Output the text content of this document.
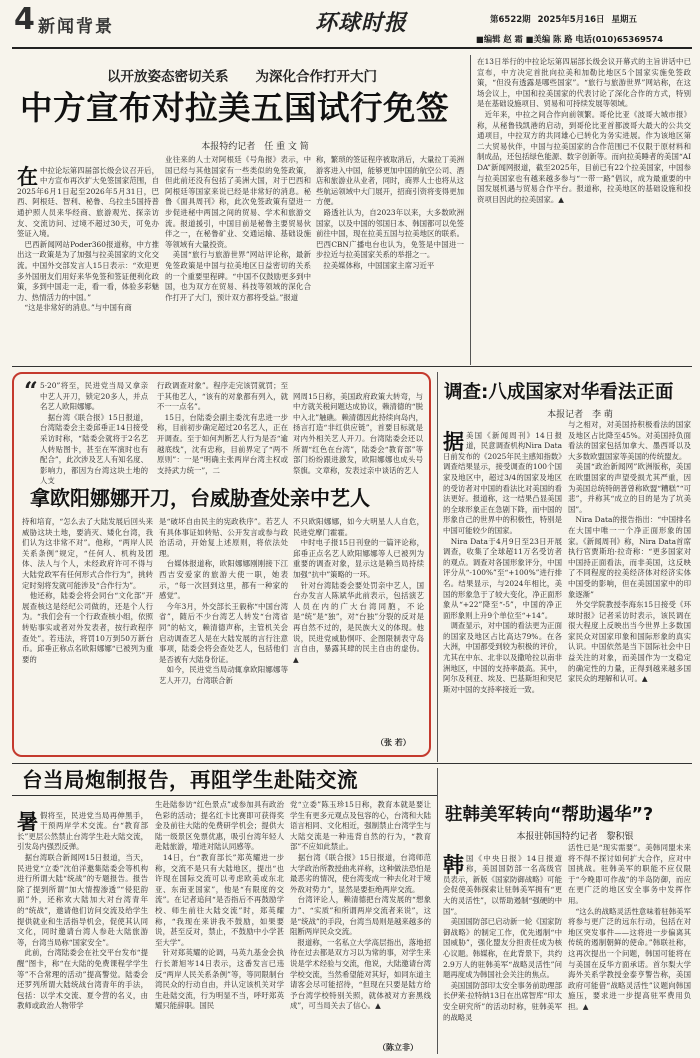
4 新闻背景	环球时报	第6522期 2025年5月16日 星期五
■编辑 赵 霜 ■美编 陈 路 电话(010)65369574
以开放姿态密切关系　　为深化合作打开大门
中方宣布对拉美五国试行免签
本报特约记者　任 重 文 简

在中拉论坛第四届部长级会议召开后，中方宣布再次扩大免签国家范围，自2025年6月1日起至2026年5月31日，巴西、阿根廷、智利、秘鲁、乌拉圭5国持普通护照人员来华经商、旅游观光、探亲访友、交流访问、过境不超过30天，可免办签证入境。
　巴西新闻网站Poder360报道称，中方推出这一政策是为了加强与拉美国家的文化交流。中国外交部发言人15日表示：“欢迎更多外国朋友们用好来华免签和签证便利化政策，多到中国走一走，看一看，体验多彩魅力、热情活力的中国。”
　“这是非常好的消息。”与中国有商

业往来的人士对阿根廷《号角报》表示，中国已经与其他国家有一些类似的免签政策，但此前还没有包括了美洲大国，对于巴西和阿根廷等国家来说已经是非常好的消息。秘鲁《面具周刊》称，此次免签政策有望进一步促进秘中两国之间的贸易、学术和旅游交流。报道援引，中国目前是秘鲁主要贸易伙伴之一，在秘鲁矿业、交通运输、基础设施等领域有大量投资。
　美国“旅行与旅游世界”网站评论称，最新免签政策是中国与拉美地区日益密切的关系的一个重要里程碑。“中国不仅鼓励更多到中国，也为双方在贸易、科技等领域的深化合作打开了大门，预计双方都将受益。”报道
称，繁琐的签证程序被取消后，大量拉丁美洲游客进入中国，能够更加中国的航空公司、酒店和旅游业从业者，同时，商界人士也将从这些航运领域中大门展开，招商引资将变得更加方便。
　路透社认为，自2023年以来，大多数欧洲国家，以及中国的邻国日本、韩国都可以免签前往中国，现在拉美五国与拉美地区的联系。巴西CBN广播电台也认为，免签是中国进一步拉近与拉美国家关系的举措之一。
　拉美媒体称，中国国家主席习近平
在13日举行的中拉论坛第四届部长级会议开幕式的主旨讲话中已宣布，中方决定首批向拉美和加勒比地区5个国家实施免签政策，“但没有透露是哪些国家”。“旅行与旅游世界”网站称，在这场会议上，中国和拉美国家的代表讨论了深化合作的方式，特别是在基础设施项目、贸易和可持续发展等领域。
　近年来，中拉之间合作向前领繁。哥伦比亚《波哥大城市报》称，从秘鲁钱凯港的启动，到哥伦比亚首都波哥大最大的公共交通项目，中拉双方的共同雄心已转化为务实进展。作为该地区第二大贸易伙伴，中国与拉美国家的合作范围已不仅限于原材料和制成品，还包括绿色能源、数字创新等。而向拉美睡者的美国“AI DA”新闻网报道，截至2025年，目前已有22个拉美国家，中国参与拉美国家也有越来越多参与“一带一路”倡议，成为最重要的中国发展机遇与贸易合作平台。报道称，拉美地区的基础设施和投资项目因此的拉美国家。▲
“ 5·20”将至，民进党当局又拿亲中艺人开刀，锁定20多人，并点名艺人欧阳娜娜。
　据台湾《联合报》15日报道，台湾陆委会主委邱垂正14日接受采访时称，“陆委会就将于2名艺人转贴图卡，甚至在军演时也有配合”，此次涉及艺人有知名度、影响力，都因为台湾这块土地的人支
行政调查对象”。程序走完该罚就罚；至于其他艺人，“该有的对象都有列入，就不一一点名”。
　15日，台陆委会副主委沈有忠进一步称，目前初步确定超过20名艺人，正在开调查。至于如何判断艺人行为是否“逾越底线”，沈有忠称，目前界定了“两不原则”：一是“明确主张两岸台湾主权或支持武力统一”，二

网周15日称，美国政府政策大转弯，与中方就关税问题达成协议，赖清德的“脱中入北”触礁。赖清德因此持续向岛内，扬言打造“非红供应链”，首要目标就是对内外相关艺人开刀。台湾陆委会还以所谓“红色在台湾”，陆委会“教育部”等部门纷纷跟进激发，欧阳娜娜也成头号祭旗。文章称，发表过亲中谈话的艺人

拿欧阳娜娜开刀，台威胁查处亲中艺人
持和培育，“怎么去了大陆发展后回头来威胁这块土地，要消灭、矮化台湾，我们认为这非常不对”。他称，“两岸人民关系条例”规定，“任何人、机构及团体、法人与个人，未经政府许可不得与大陆党政军有任何形式合作行为”，挑转定时刻将发就可能涉及“合作行为”。
　他还称，陆委会将会同台“文化部”开展查核这是经纪公司做的，还是个人行为。“我们会有一个行政查核小组，依照转贴事实或者对外发表者，按行政程序查处”。若违法，将罚10万到50万新台币。邱垂正称点名欧阳娜娜“已被列为重要的
是“破坏自由民主的宪政秩序”。若艺人有具体事证如转贴、公开发言或参与政治活动，开始复上述原则，将依法处理。
　台媒体报道称，欧阳娜娜刚刚接下江西吉安爱家的旅游大使一职，她表示，“每一次回到这里，都有一种家的感觉”。
　今年3月，外交部长王毅称“中国台湾省”，随后不少台湾艺人转发“台湾省同”的帖文，赖清德声称，主管机关会启动调查艺人是在大陆发展的言行注意事项，陆委会将会查处艺人，包括他们是否被有大陆身份证。
　如今，民进党当局动辄拿欧阳娜娜等艺人开刀，台湾联合新
不只欧阳娜娜，如今大明星人人自危，民进党摩门霍霍。
　中时电子报15日刊登的一篇评论称，邱垂正点名艺人欧阳娜娜等人已被列为重要的调查对象，显示这是赖当局持续加强“抗中”策略的一环。
　针对台湾陆委会要处罚亲中艺人，国台办发言人陈斌华此前表示，包括演艺人员在内的广大台湾同胞，不论是“统”是“独”，对“台独”分裂的反对是再自然不过的，是民族大义的体现。他说，民进党威胁恫吓、企图限制表守岛言自由，暴露其肆的民主自由的虚伪。▲
（张 若）
调查:八成国家对华看法正面
本报记者　李 萌

据美国《新闻周刊》14日报道，民意调查机构Nira Data日前发布的《2025年民主感知指数》调查结果显示，接受调查的100个国家及地区中，超过3/4的国家及地区的受访者对中国的看法比对美国的看法更好。报道称，这一结果凸显美国的全球形象正在急剧下降，而中国的形象自己的世界中的积极性，特别是中国可能较少的国家。
　Nira Data于4月9日至23日开展调查，收集了全球超11万名受访者的观点。调查对各国形象评分，中国评分从“-100%”至“+100%”进行排名。结果显示，与2024年相比，美国的形象急于了较大变化，净正面形象从“+22”降至“-5”，中国的净正面形象则上升9个单位至“+14”。
　调查显示，对中国的看法更为正面的国家及地区占比高达79%。在各大洲，中国都受到较为积极的评价，尤其在中东、北非以及撒哈拉以南非洲地区，中国的支持率最高。其中，阿尔及利亚、埃及、巴基斯坦和突尼斯对中国的支持率接近一致。

与之相对，对美国持积极看法的国家及地区占比降至45%。对美国持负面看法的国家包括加拿大、墨西哥以及大多数欧盟国家等美国的传统盟友。
　美国“政治新闻网”欧洲版称，美国在欧盟国家的声望受损尤其严重，因为美国总统特朗普曾称欧盟“糟糕”“可悲”，并称其“成立的目的是为了坑美国”。
　Nira Data的报告指出：“中国排名在大国中唯一一个净正面形象的国家。《新闻周刊》称，Nira Data首席执行官贾斯珀·拉奇称：“更多国家对中国持正面看法，而非美国，这反映了不同程度的拉美经济体对经济实体中国受的影响，但在美国国家中的印象逐渐”
　外交学院教授李海东15日接受《环球时报》记者采访时表示，该民调在很大程度上反映出当今世界上多数国家民众对国家印象和国际形象的真实认识。中国依然是当下国际社会中日益关注的对象，而美国作为一支稳定的确定性的力量，正得到越来越多国家民众的理解和认可。▲
台当局炮制报告，再阻学生赴陆交流

暑假将至，民进党当局再伸黑手，干预两岸学术交流。台“教育部长”更层公然禁止台湾学生赴大陆交流，引发岛内强烈反弹。
　据台湾联合新闻网15日报道，当天，民进党“立委”沈伯洋邀集陆委会等机构进行所谓大陆“统战”的专题报告。报告除了提到所谓“加大情搜渗透”“侵犯韵面”外，还称欢大陆加大对台湾青年的“统战”，邀请他们访问交流及给学生提供就业和生活指导机会，促使其认同文化，同时邀请台湾人参赴大陆旅游等，台湾当局称“国家安全”。
　此前，台湾陆委会在社交平台发布“提醒”图卡，称“在大陆的免费课程学学生等”不合常理的活动”提高警觉。陆委会还罗列所谓大陆统战台湾青年的手法，包括：以学术交流、夏令营的名义，由教师或政治人物带学

生赴陆参访“红色景点”或参加具有政治色彩的活动；提名红卡比赛即可获得奖金及前往大陆的免费研学机会；提供大陆一级景区免票优惠，吸引台湾年轻人赴陆旅游，增进对陆认同感等。
　14日，台“教育部长”郑英耀进一步称，交流不是只有大陆地区，提出“也许现在国际交流可以考虑欧美或东北亚、东南亚国家”，他是“有限度的交流”。在记者追问“是否指后不再鼓励学校、师生前往大陆交流”时，郑英耀称，“我现在来讲我不鼓励，如果要说，甚至反对，禁止，不鼓励中小学甚至大学”。
　针对郑英耀的论调，马英九基金会执行长萧旭岑14日表示，这番发言已违反“两岸人民关系条例”等，等同限制台湾民众的行动自由，并认定该机关对学生赴陆交流，行为明显不当，呼吁郑英耀只能辞职。国民
党“立委”陈玉珍15日称，教育本就是要让学生有更多元观点及包容的心，台湾和大陆语言相同、文化相近，强制禁止台湾学生与大陆交流是一种违背自然的行为，“教育部”不应如此禁止。
　据台湾《联合报》15日报道，台湾师范大学政治所教授曲兆祥称，这种做法恐怕是最恶劣的情况，使台湾变成一种去化对于境外敌对势力”，显然是要拒绝两岸交流。
　台湾评论人，赖清德把台湾发展的“想象力”、“实质”和所谓两岸交流者来说”，这是“统战”的手段，台湾当局则是越来越多的阻断两岸民众交流。
　报道称，一名私立大学高层指出，落地招待在过去都是双方习以为常的事，对学生来说是学术经验与交流，他说，大陆邀请台湾学校交流，当然希望能对其好，如同东道主请客会尽可能招待，“但现在只要是陆方给予台湾学校特别关照，就体被对方套黑线成”，可当局关去了信心。▲
（陈立非）
驻韩美军转向“帮助遏华”?
本报驻韩国特约记者　黎积银

韩国《中央日报》14日报道称，美国国防部一名高级官员表示，新版《国家防御战略》可能会促使美韩探索让驻韩美军拥有“更大的灵活性”，以帮助遏制“强硬的中国”。
　美国国防部已启动新一轮《国家防御战略》的制定工作，优先遏制“中国威胁”，强化盟友分担责任成为核心议题。韩媒称，在此背景下，共约2.9万人的驻韩美军“战略灵活性”问题再度成为韩国社会关注的焦点。
　美国国防部印太安全事务前助理部长伊莱·拉特纳13日在出席智库“印太安全研究所”的活动时称，驻韩美军的战略灵

活性已是“现实需要”。美韩同盟未来将不得不探讨如何扩大合作，应对中国挑战。驻韩美军的职能不应仅限于“今晚即可作战”的半岛防御，而应在更广泛的地区安全事务中发挥作用。
　“这么的战略灵活性意味着驻韩美军将参与更广泛的远东行动，包括在对地区突发事件——这将进一步偏离其传统的遏制朝鲜的使命。”韩联社称，这再次提出一个问题，韩国可能将在与美国在反华方面承诺。首尔梨大学海外关系学教授金泰亨警告称，美国政府可能借“战略灵活性”议题向韩国施压，要求进一步提高驻军费用负担。▲
